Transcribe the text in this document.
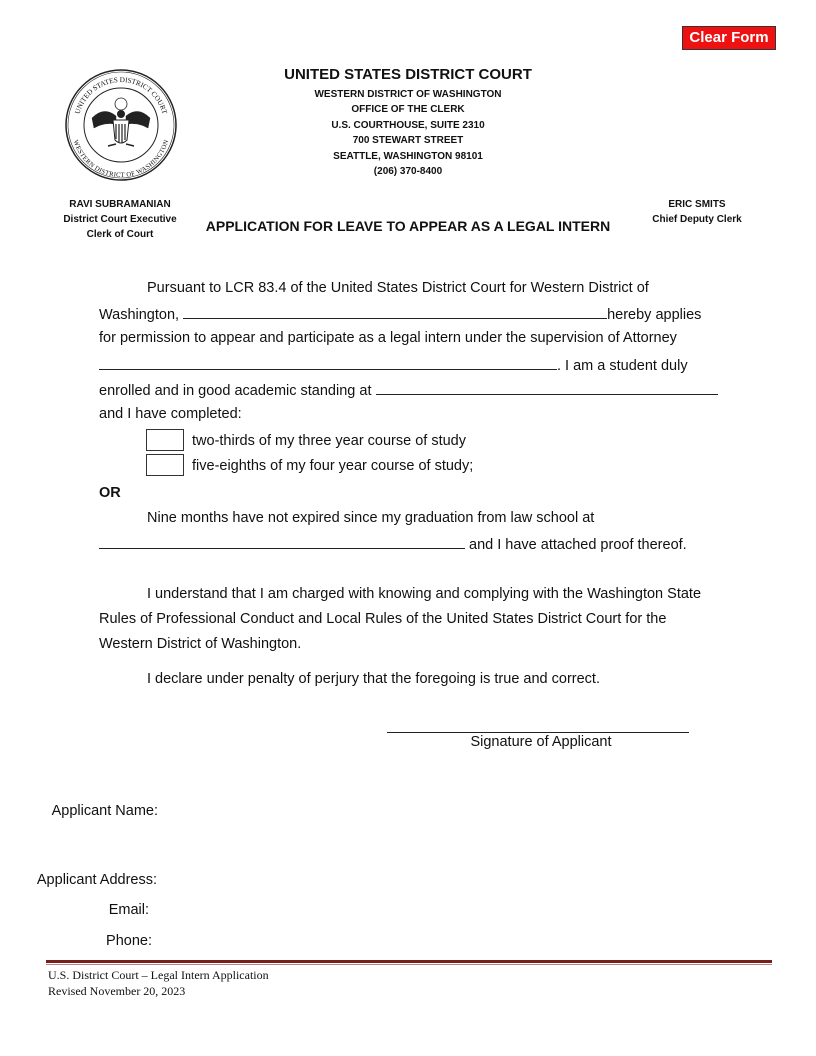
Clear Form
UNITED STATES DISTRICT COURT
WESTERN DISTRICT OF WASHINGTON
UNITED STATES DISTRICT COURT
WESTERN DISTRICT OF WASHINGTON
OFFICE OF THE CLERK
U.S. COURTHOUSE, SUITE 2310
700 STEWART STREET
SEATTLE, WASHINGTON 98101
(206) 370-8400
RAVI SUBRAMANIAN
District Court Executive
Clerk of Court
ERIC SMITS
Chief Deputy Clerk
APPLICATION FOR LEAVE TO APPEAR AS A LEGAL INTERN
Pursuant to LCR 83.4 of the United States District Court for Western District of
Washington,	hereby applies
for permission to appear and participate as a legal intern under the supervision of Attorney
. I am a student duly
enrolled and in good academic standing at
and I have completed:
two-thirds of my three year course of study
five-eighths of my four year course of study;
OR
Nine months have not expired since my graduation from law school at
and I have attached proof thereof.
I understand that I am charged with knowing and complying with the Washington State
Rules of Professional Conduct and Local Rules of the United States District Court for the
Western District of Washington.
I declare under penalty of perjury that the foregoing is true and correct.
Signature of Applicant
Applicant Name:
Applicant Address:
Email:
Phone:
U.S. District Court – Legal Intern Application
Revised November 20, 2023
